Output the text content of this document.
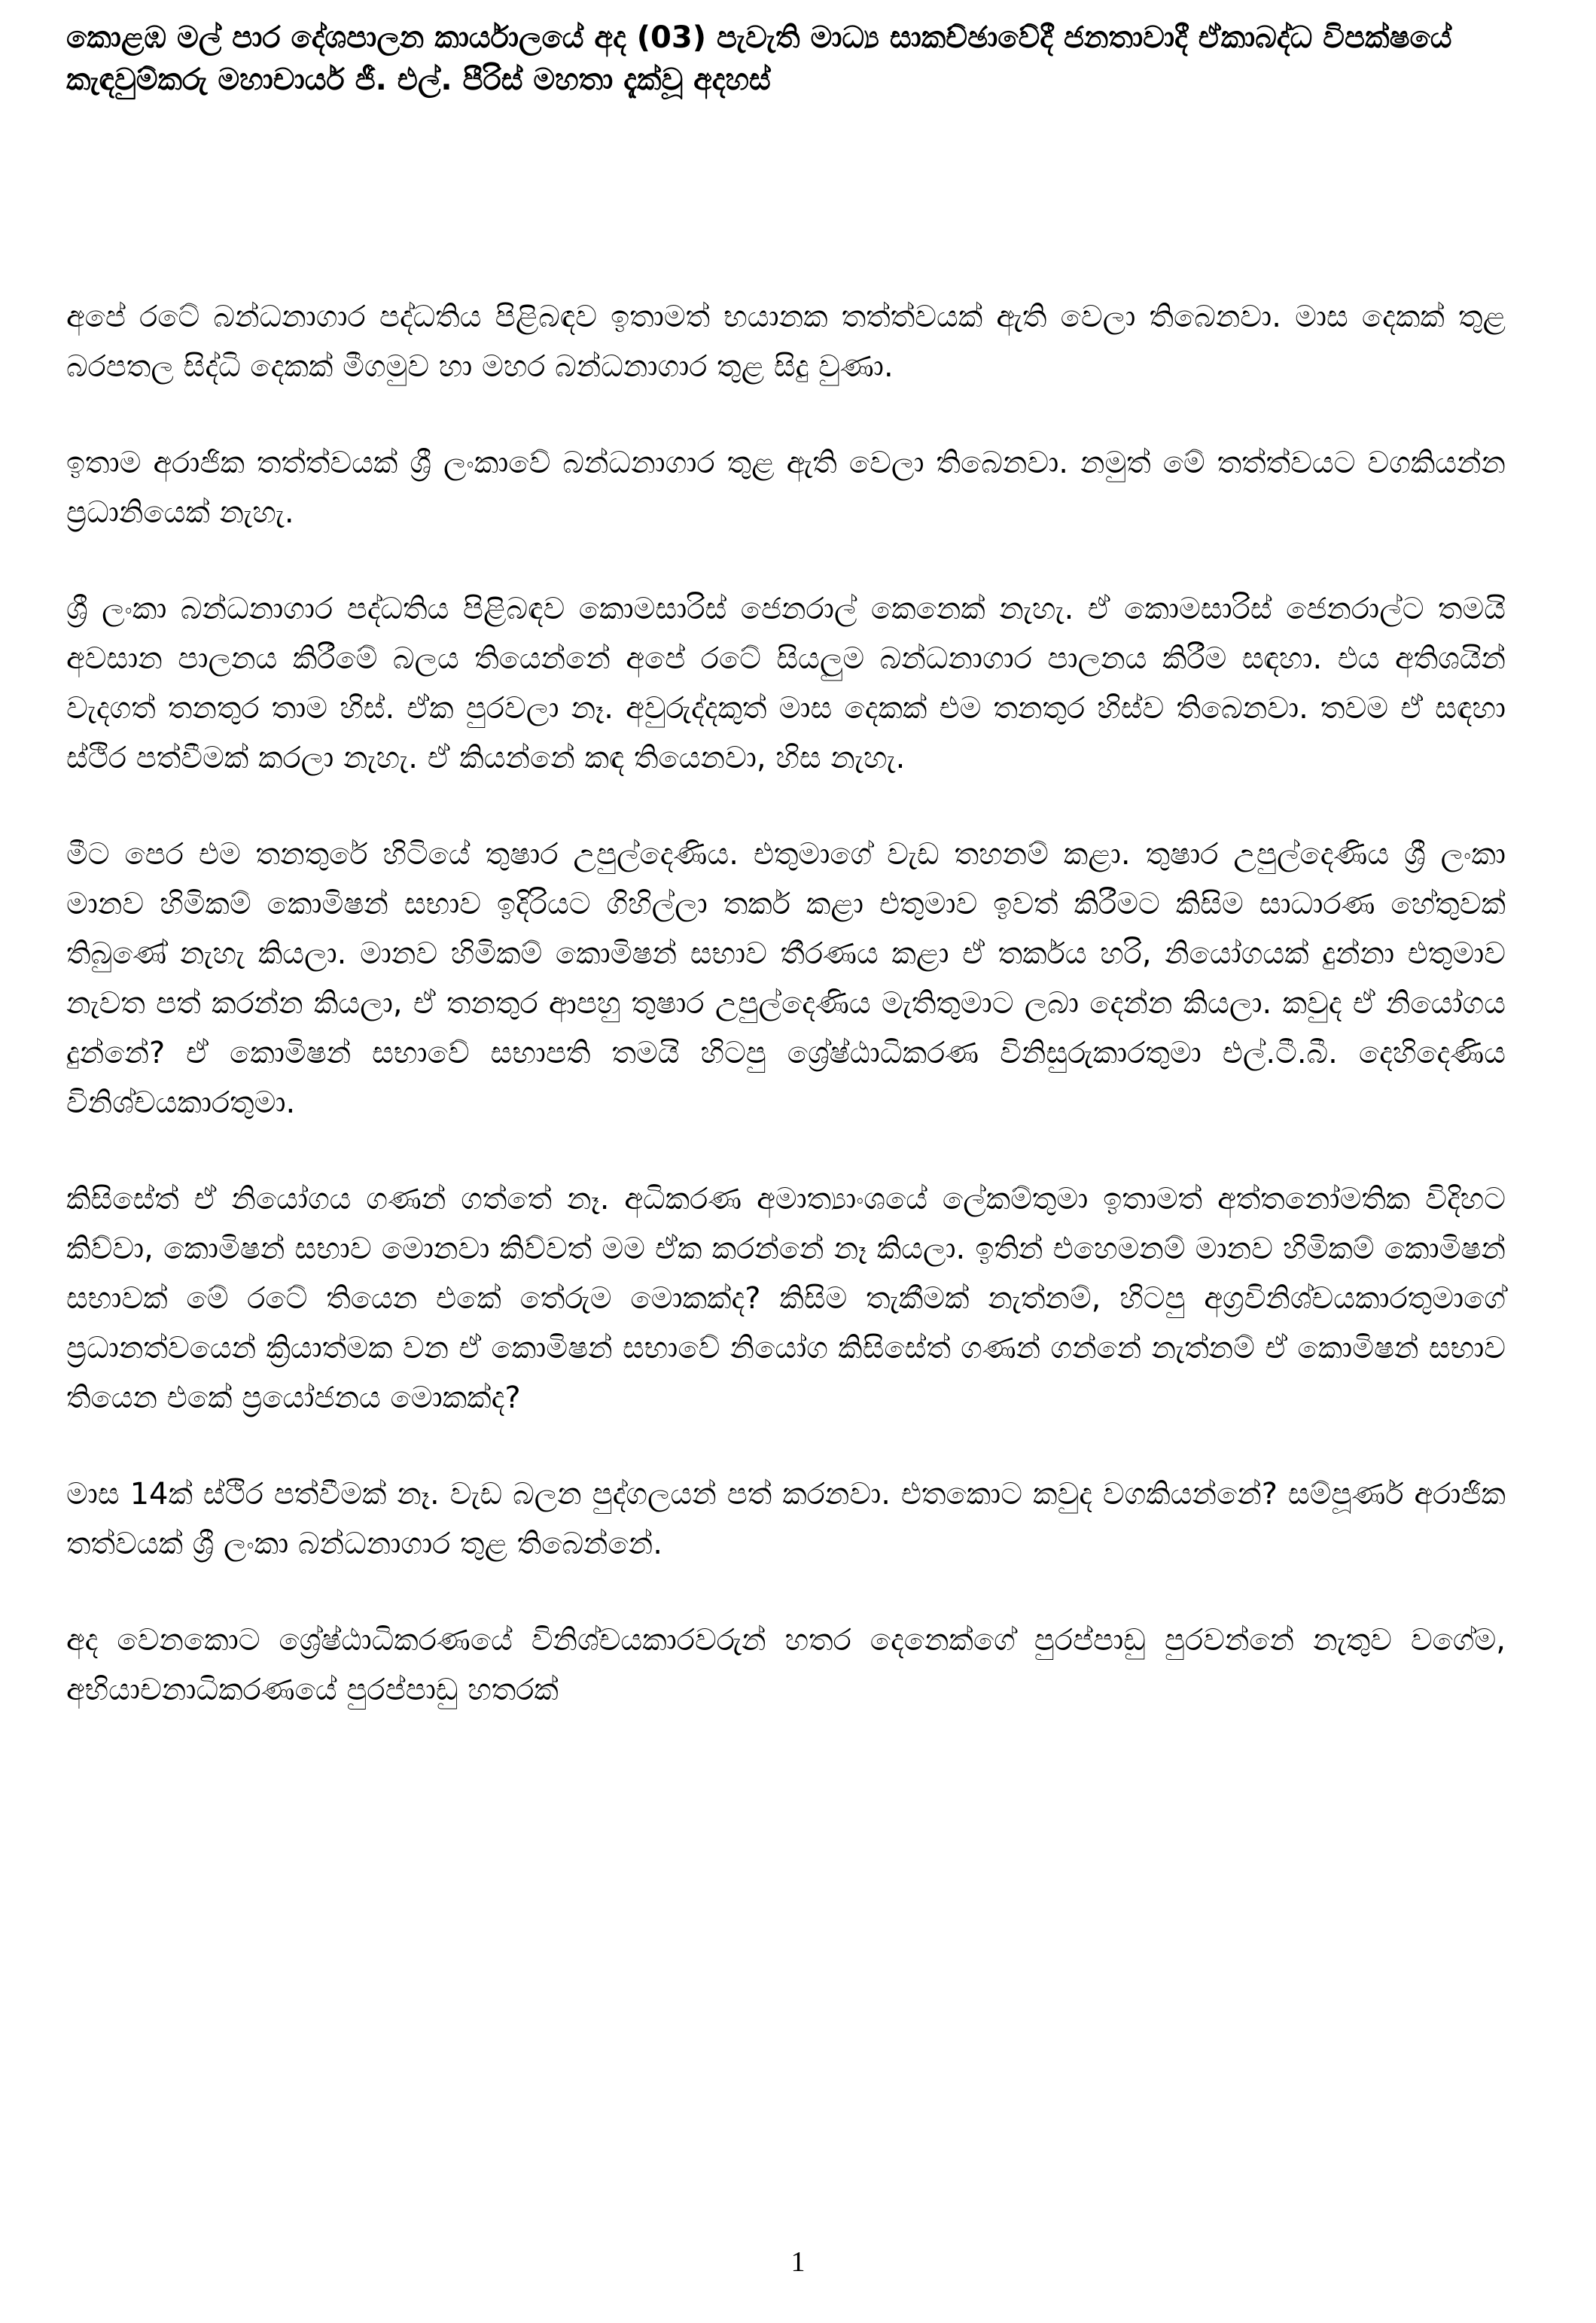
කොළඹ මල් පාර දේශපාලන කාර්යාලයේ අද (03) පැවැති මාධ්‍ය සාකච්ඡාවේදී ජනතාවාදී ඒකාබද්ධ විපක්ෂයේ කැඳවුම්කරු මහාචාර්ය ජී. එල්. පීරිස් මහතා දැක්වූ අදහස්

අපේ රටේ බන්ධනාගාර පද්ධතිය පිළිබඳව ඉතාමත් භයානක තත්ත්වයක් ඇති වෙලා තිබෙනවා. මාස දෙකක් තුළ බරපතල සිද්ධි දෙකක් මීගමුව හා මහර බන්ධනාගාර තුළ සිදු වුණා.

ඉතාම අරාජික තත්ත්වයක් ශ්‍රී ලංකාවේ බන්ධනාගාර තුළ ඇති වෙලා තිබෙනවා. නමුත් මේ තත්ත්වයට වගකියන්න ප්‍රධානියෙක් නැහැ.

ශ්‍රී ලංකා බන්ධනාගාර පද්ධතිය පිළිබඳව කොමසාරිස් ජෙනරාල් කෙනෙක් නැහැ. ඒ කොමසාරිස් ජෙනරාල්ට තමයි අවසාන පාලනය කිරීමේ බලය තියෙන්නේ අපේ රටේ සියලුම බන්ධනාගාර පාලනය කිරීම සඳහා. එය අතිශයින් වැදගත් තනතුර තාම හිස්. ඒක පුරවලා නෑ. අවුරුද්දකුත් මාස දෙකක් එම තනතුර හිස්ව තිබෙනවා. තවම ඒ සඳහා ස්ථිර පත්වීමක් කරලා නැහැ. ඒ කියන්නේ කඳ තියෙනවා, හිස නැහැ.

මීට පෙර එම තනතුරේ හිටියේ තුෂාර උපුල්දෙණිය. එතුමාගේ වැඩ තහනම් කළා. තුෂාර උපුල්දෙණිය ශ්‍රී ලංකා මානව හිමිකම් කොමිෂන් සභාව ඉදිරියට ගිහිල්ලා තර්ක කළා එතුමාව ඉවත් කිරීමට කිසිම සාධාරණ හේතුවක් තිබුණේ නැහැ කියලා. මානව හිමිකම් කොමිෂන් සභාව තීරණය කළා ඒ තර්කය හරි, නියෝගයක් දුන්නා එතුමාව නැවත පත් කරන්න කියලා, ඒ තනතුර ආපහු තුෂාර උපුල්දෙණිය මැතිතුමාට ලබා දෙන්න කියලා. කවුද ඒ නියෝගය දුන්නේ? ඒ කොමිෂන් සභාවේ සභාපති තමයි හිටපු ශ්‍රේෂ්ඨාධිකරණ විනිසුරුකාරතුමා එල්.ටී.බී. දෙහිදෙණිය විනිශ්චයකාරතුමා.

කිසිසේත් ඒ නියෝගය ගණන් ගත්තේ නෑ. අධිකරණ අමාත්‍යාංශයේ ලේකම්තුමා ඉතාමත් අත්තනෝමතික විදිහට කිව්වා, කොමිෂන් සභාව මොනවා කිව්වත් මම ඒක කරන්නේ නෑ කියලා. ඉතින් එහෙමනම් මානව හිමිකම් කොමිෂන් සභාවක් මේ රටේ තියෙන එකේ තේරුම මොකක්ද? කිසිම තැකීමක් නැත්නම්, හිටපු අග්‍රවිනිශ්චයකාරතුමාගේ ප්‍රධානත්වයෙන් ක්‍රියාත්මක වන ඒ කොමිෂන් සභාවේ නියෝග කිසිසේත් ගණන් ගන්නේ නැත්නම් ඒ කොමිෂන් සභාව තියෙන එකේ ප්‍රයෝජනය මොකක්ද?

මාස 14ක් ස්ථිර පත්වීමක් නෑ. වැඩ බලන පුද්ගලයන් පත් කරනවා. එතකොට කවුද වගකියන්නේ? සම්පූර්ණ අරාජික තත්වයක් ශ්‍රී ලංකා බන්ධනාගාර තුළ තිබෙන්නේ.

අද වෙනකොට ශ්‍රේෂ්ඨාධිකරණයේ විනිශ්චයකාරවරුන් හතර දෙනෙක්ගේ පුරප්පාඩු පුරවන්නේ නැතුව වගේම, අභියාචනාධිකරණයේ පුරප්පාඩු හතරක්

1
